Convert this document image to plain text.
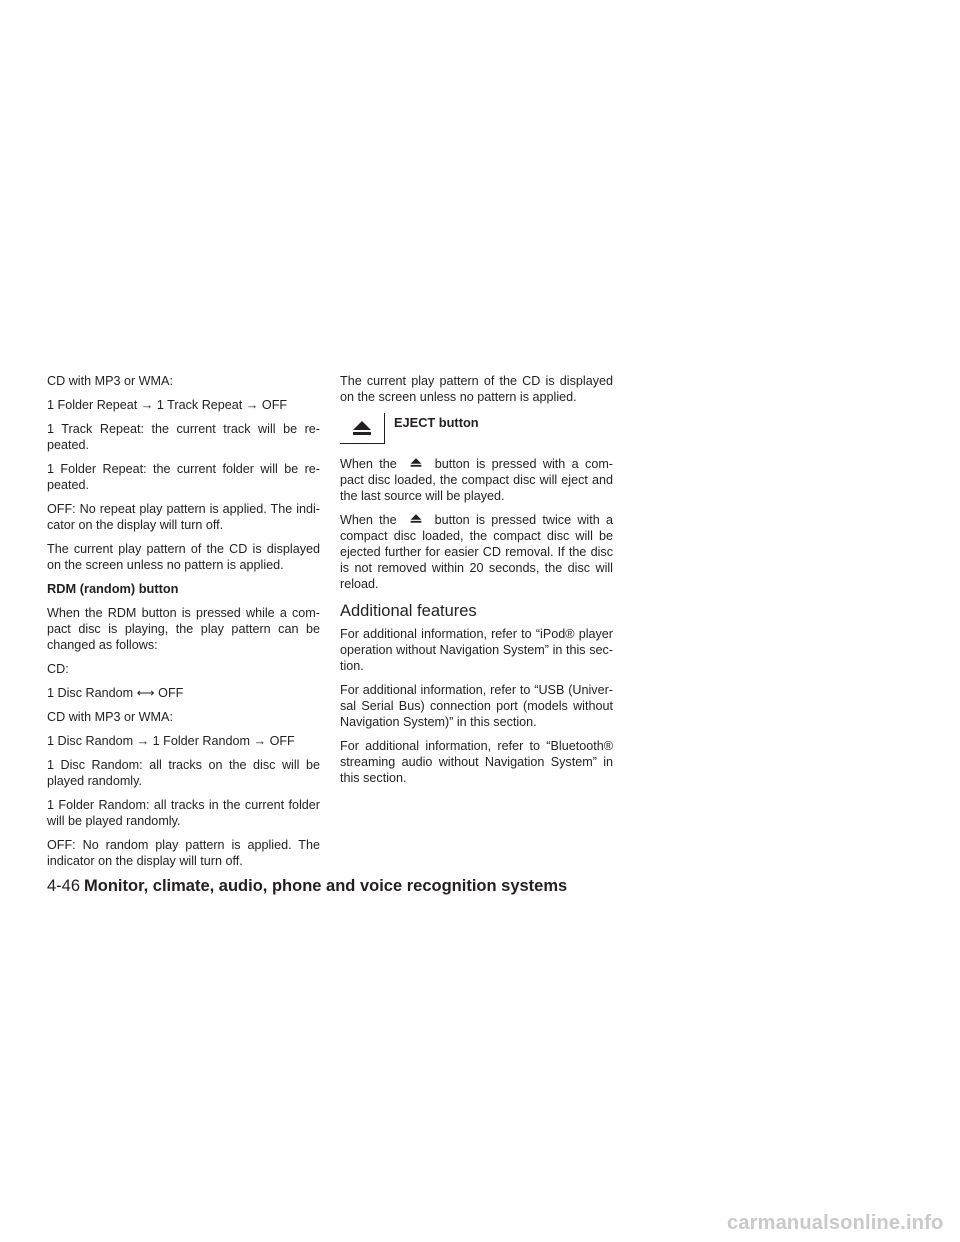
CD with MP3 or WMA:

1 Folder Repeat → 1 Track Repeat → OFF

1 Track Repeat: the current track will be re-peated.

1 Folder Repeat: the current folder will be re-peated.

OFF: No repeat play pattern is applied. The indi-cator on the display will turn off.

The current play pattern of the CD is displayed on the screen unless no pattern is applied.

RDM (random) button

When the RDM button is pressed while a com-pact disc is playing, the play pattern can be changed as follows:

CD:

1 Disc Random ⟷ OFF

CD with MP3 or WMA:

1 Disc Random → 1 Folder Random → OFF

1 Disc Random: all tracks on the disc will be played randomly.

1 Folder Random: all tracks in the current folder will be played randomly.

OFF: No random play pattern is applied. The indicator on the display will turn off.

The current play pattern of the CD is displayed on the screen unless no pattern is applied.

EJECT button

When the	button is pressed with a com-pact disc loaded, the compact disc will eject and the last source will be played.

When the	button is pressed twice with a compact disc loaded, the compact disc will be ejected further for easier CD removal. If the disc is not removed within 20 seconds, the disc will reload.

Additional features

For additional information, refer to “iPod® player operation without Navigation System” in this sec-tion.

For additional information, refer to “USB (Univer-sal Serial Bus) connection port (models without Navigation System)” in this section.

For additional information, refer to “Bluetooth® streaming audio without Navigation System” in this section.

4-46 Monitor, climate, audio, phone and voice recognition systems
carmanualsonline.info
